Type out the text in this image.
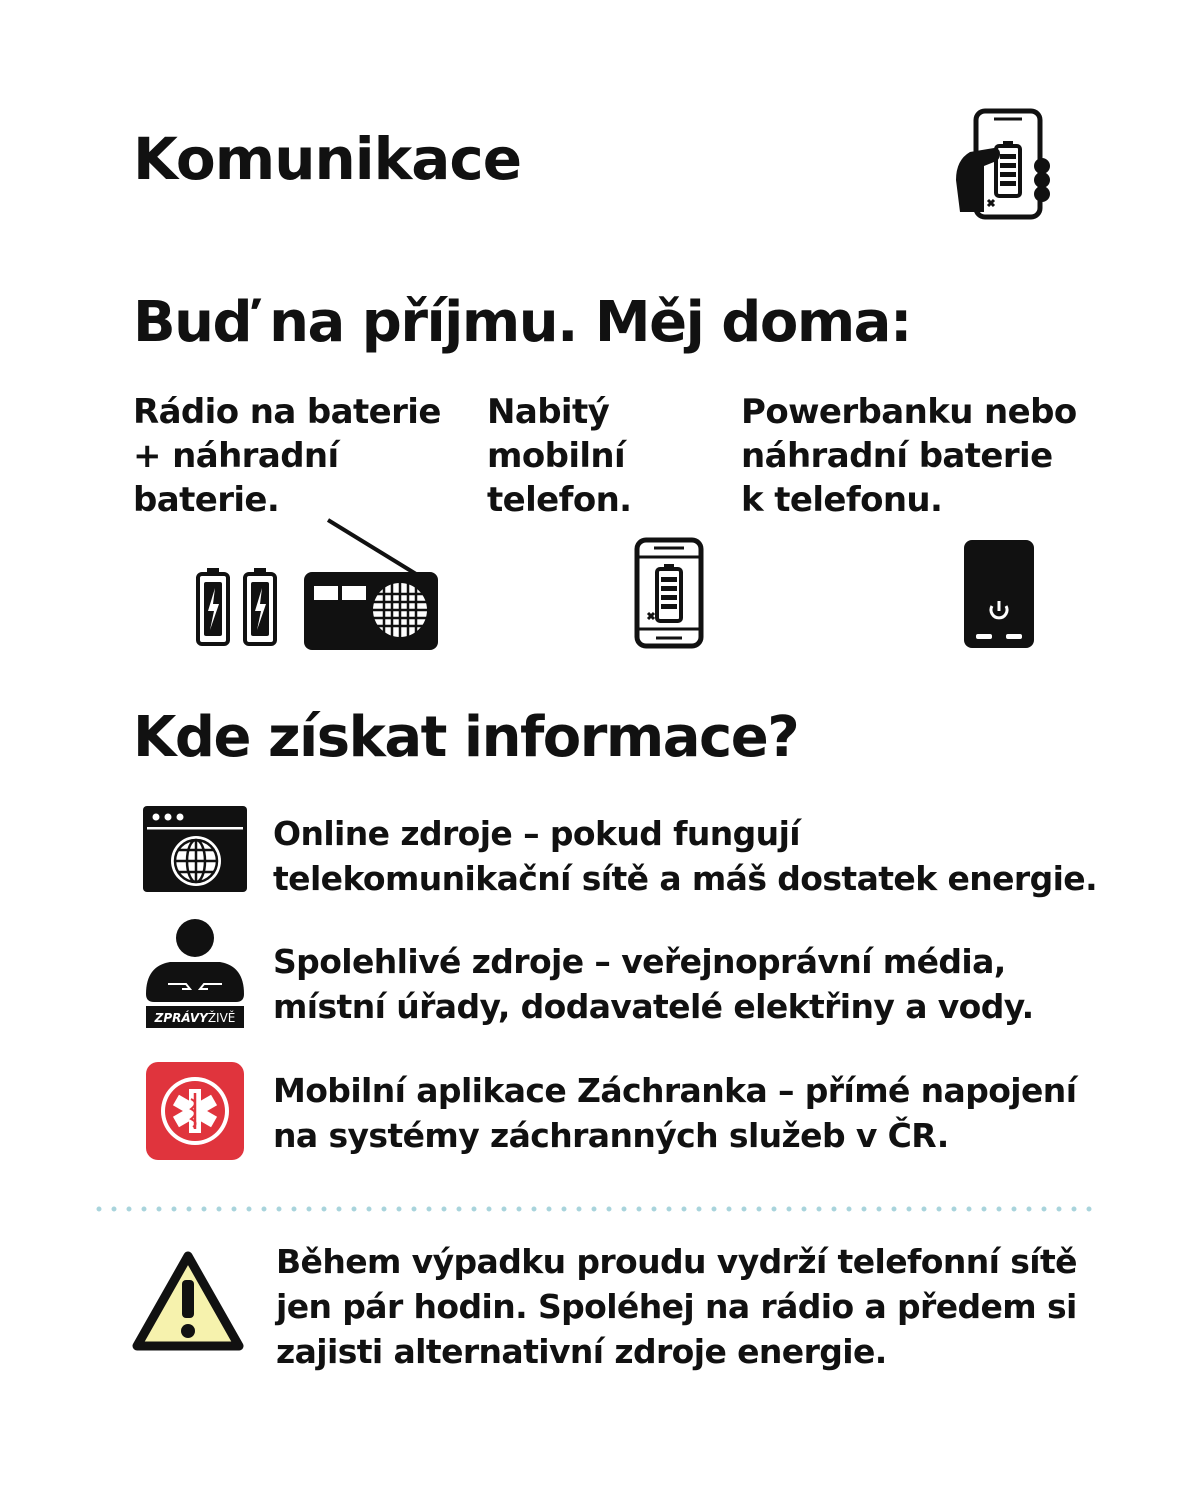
Komunikace
Buď na příjmu. Měj doma:
Rádio na baterie
+ náhradní
baterie.
Nabitý
mobilní
telefon.
Powerbanku nebo
náhradní baterie
k telefonu.
Kde získat informace?
Online zdroje – pokud fungují
telekomunikační sítě a máš dostatek energie.
ZPRÁVYŽIVĚ
Spolehlivé zdroje – veřejnoprávní média,
místní úřady, dodavatelé elektřiny a vody.
Mobilní aplikace Záchranka – přímé napojení
na systémy záchranných služeb v ČR.
Během výpadku proudu vydrží telefonní sítě
jen pár hodin. Spoléhej na rádio a předem si
zajisti alternativní zdroje energie.
